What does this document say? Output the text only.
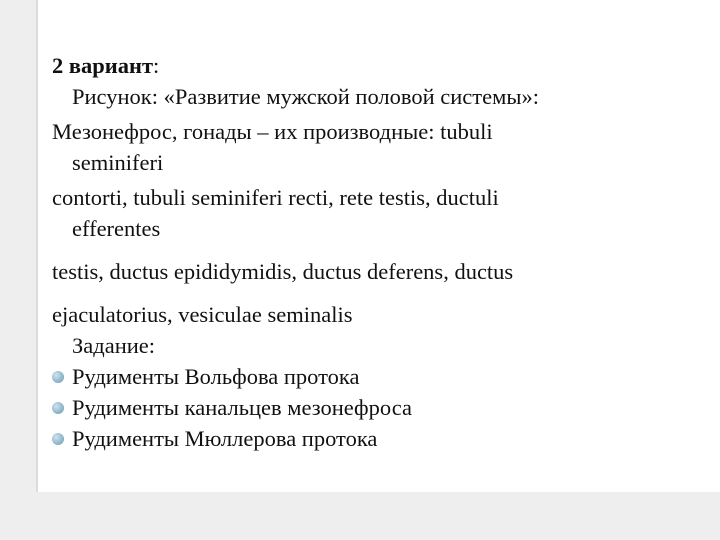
2 вариант:
Рисунок: «Развитие мужской половой системы»:
Мезонефрос, гонады – их производные: tubuli
seminiferi
contorti, tubuli seminiferi recti, rete testis, ductuli
efferentes
testis, ductus epididymidis, ductus deferens, ductus
ejaculatorius, vesiculae seminalis
Задание:
Рудименты Вольфова протока
Рудименты канальцев мезонефроса
Рудименты Мюллерова протока
